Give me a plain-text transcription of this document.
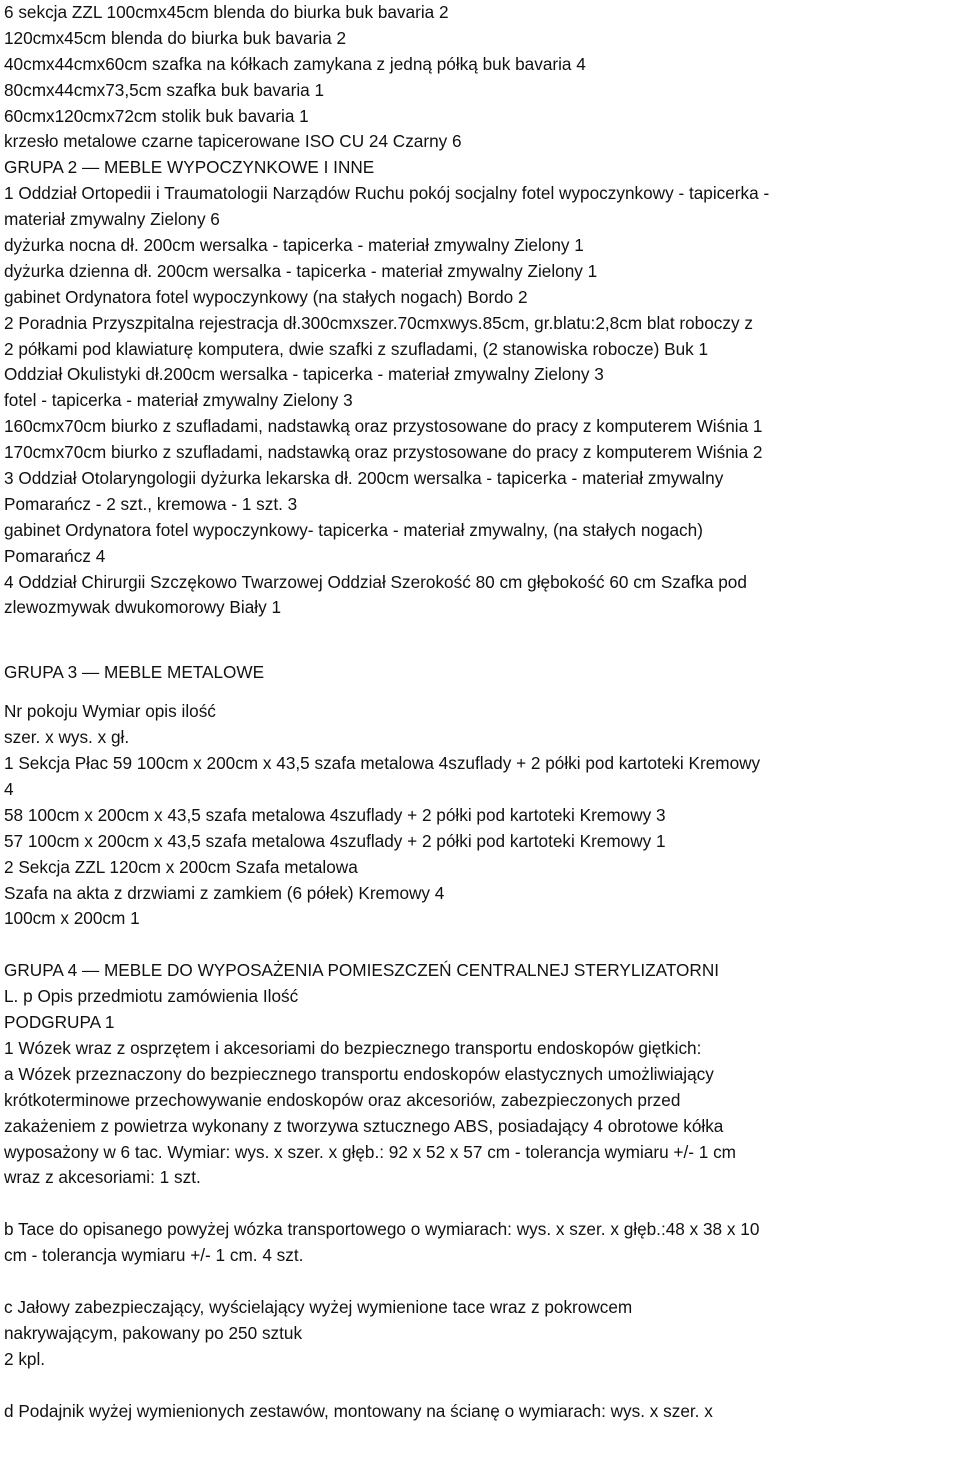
6 sekcja ZZL 100cmx45cm blenda do biurka buk bavaria 2
120cmx45cm blenda do biurka buk bavaria 2
40cmx44cmx60cm szafka na kółkach zamykana z jedną półką buk bavaria 4
80cmx44cmx73,5cm szafka buk bavaria 1
60cmx120cmx72cm stolik buk bavaria 1
krzesło metalowe czarne tapicerowane ISO CU 24 Czarny 6
GRUPA 2 — MEBLE WYPOCZYNKOWE I INNE
1 Oddział Ortopedii i Traumatologii Narządów Ruchu pokój socjalny fotel wypoczynkowy - tapicerka -
materiał zmywalny Zielony 6
dyżurka nocna dł. 200cm wersalka - tapicerka - materiał zmywalny Zielony 1
dyżurka dzienna dł. 200cm wersalka - tapicerka - materiał zmywalny Zielony 1
gabinet Ordynatora fotel wypoczynkowy (na stałych nogach) Bordo 2
2 Poradnia Przyszpitalna rejestracja dł.300cmxszer.70cmxwys.85cm, gr.blatu:2,8cm blat roboczy z
2 półkami pod klawiaturę komputera, dwie szafki z szufladami, (2 stanowiska robocze) Buk 1
Oddział Okulistyki dł.200cm wersalka - tapicerka - materiał zmywalny Zielony 3
fotel - tapicerka - materiał zmywalny Zielony 3
160cmx70cm biurko z szufladami, nadstawką oraz przystosowane do pracy z komputerem Wiśnia 1
170cmx70cm biurko z szufladami, nadstawką oraz przystosowane do pracy z komputerem Wiśnia 2
3 Oddział Otolaryngologii dyżurka lekarska dł. 200cm wersalka - tapicerka - materiał zmywalny
Pomarańcz - 2 szt., kremowa - 1 szt. 3
gabinet Ordynatora fotel wypoczynkowy- tapicerka - materiał zmywalny, (na stałych nogach)
Pomarańcz 4
4 Oddział Chirurgii Szczękowo Twarzowej Oddział Szerokość 80 cm głębokość 60 cm Szafka pod
zlewozmywak dwukomorowy Biały 1
GRUPA 3 — MEBLE METALOWE
Nr pokoju Wymiar opis ilość
szer. x wys. x gł.
1 Sekcja Płac 59 100cm x 200cm x 43,5 szafa metalowa 4szuflady + 2 półki pod kartoteki Kremowy
4
58 100cm x 200cm x 43,5 szafa metalowa 4szuflady + 2 półki pod kartoteki Kremowy 3
57 100cm x 200cm x 43,5 szafa metalowa 4szuflady + 2 półki pod kartoteki Kremowy 1
2 Sekcja ZZL 120cm x 200cm Szafa metalowa
Szafa na akta z drzwiami z zamkiem (6 półek) Kremowy 4
100cm x 200cm 1
GRUPA 4 — MEBLE DO WYPOSAŻENIA POMIESZCZEŃ CENTRALNEJ STERYLIZATORNI
L. p Opis przedmiotu zamówienia Ilość
PODGRUPA 1
1 Wózek wraz z osprzętem i akcesoriami do bezpiecznego transportu endoskopów giętkich:
a Wózek przeznaczony do bezpiecznego transportu endoskopów elastycznych umożliwiający
krótkoterminowe przechowywanie endoskopów oraz akcesoriów, zabezpieczonych przed
zakażeniem z powietrza wykonany z tworzywa sztucznego ABS, posiadający 4 obrotowe kółka
wyposażony w 6 tac. Wymiar: wys. x szer. x głęb.: 92 x 52 x 57 cm - tolerancja wymiaru +/- 1 cm
wraz z akcesoriami: 1 szt.
b Tace do opisanego powyżej wózka transportowego o wymiarach: wys. x szer. x głęb.:48 x 38 x 10
cm - tolerancja wymiaru +/- 1 cm. 4 szt.
c Jałowy zabezpieczający, wyścielający wyżej wymienione tace wraz z pokrowcem
nakrywającym, pakowany po 250 sztuk
2 kpl.
d Podajnik wyżej wymienionych zestawów, montowany na ścianę o wymiarach: wys. x szer. x
